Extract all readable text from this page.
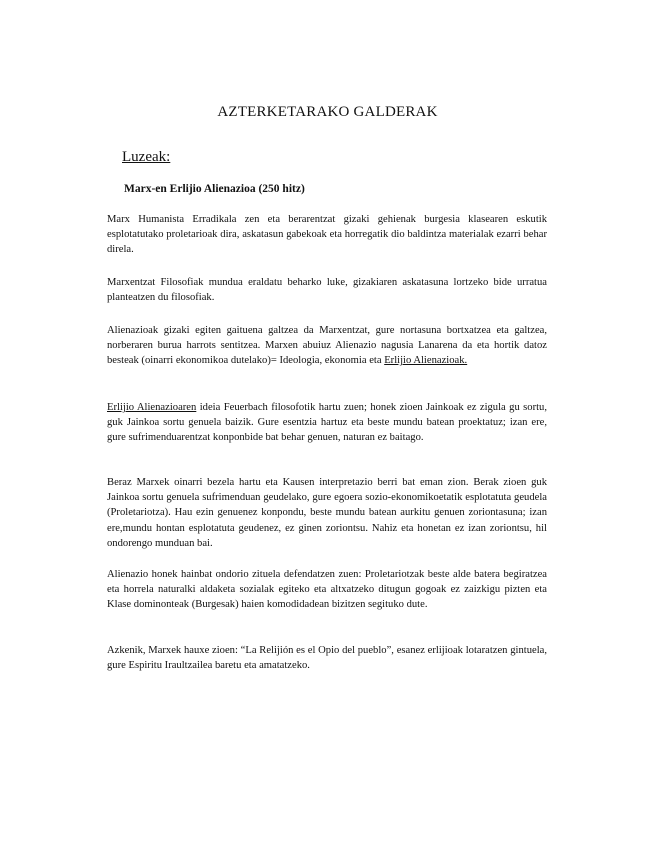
AZTERKETARAKO GALDERAK
Luzeak:
Marx-en Erlijio Alienazioa (250 hitz)

Marx Humanista Erradikala zen eta berarentzat gizaki gehienak burgesia klasearen eskutik esplotatutako proletarioak dira, askatasun gabekoak eta horregatik dio baldintza materialak ezarri behar direla.

Marxentzat Filosofiak mundua eraldatu beharko luke, gizakiaren askatasuna lortzeko bide urratua planteatzen du filosofiak.

Alienazioak gizaki egiten gaituena galtzea da Marxentzat, gure nortasuna bortxatzea eta galtzea, norberaren burua harrots sentitzea. Marxen abuiuz Alienazio nagusia Lanarena da eta hortik datoz besteak (oinarri ekonomikoa dutelako)= Ideologia, ekonomia eta Erlijio Alienazioak.

Erlijio Alienazioaren ideia Feuerbach filosofotik hartu zuen; honek zioen Jainkoak ez zigula gu sortu, guk Jainkoa sortu genuela baizik. Gure esentzia hartuz eta beste mundu batean proektatuz; izan ere, gure sufrimenduarentzat konponbide bat behar genuen, naturan ez baitago.

Beraz Marxek oinarri bezela hartu eta Kausen interpretazio berri bat eman zion. Berak zioen guk Jainkoa sortu genuela sufrimenduan geudelako, gure egoera sozio-ekonomikoetatik esplotatuta geudela (Proletariotza). Hau ezin genuenez konpondu, beste mundu batean aurkitu genuen zoriontasuna; izan ere,mundu hontan esplotatuta geudenez, ez ginen zoriontsu. Nahiz eta honetan ez izan zoriontsu, hil ondorengo munduan bai.

Alienazio honek hainbat ondorio zituela defendatzen zuen: Proletariotzak beste alde batera begiratzea eta horrela naturalki aldaketa sozialak egiteko eta altxatzeko ditugun gogoak ez zaizkigu pizten eta Klase dominonteak (Burgesak) haien komodidadean bizitzen segituko dute.

Azkenik, Marxek hauxe zioen: “La Relijión es el Opio del pueblo”, esanez erlijioak lotaratzen gintuela, gure Espiritu Iraultzailea baretu eta amatatzeko.
